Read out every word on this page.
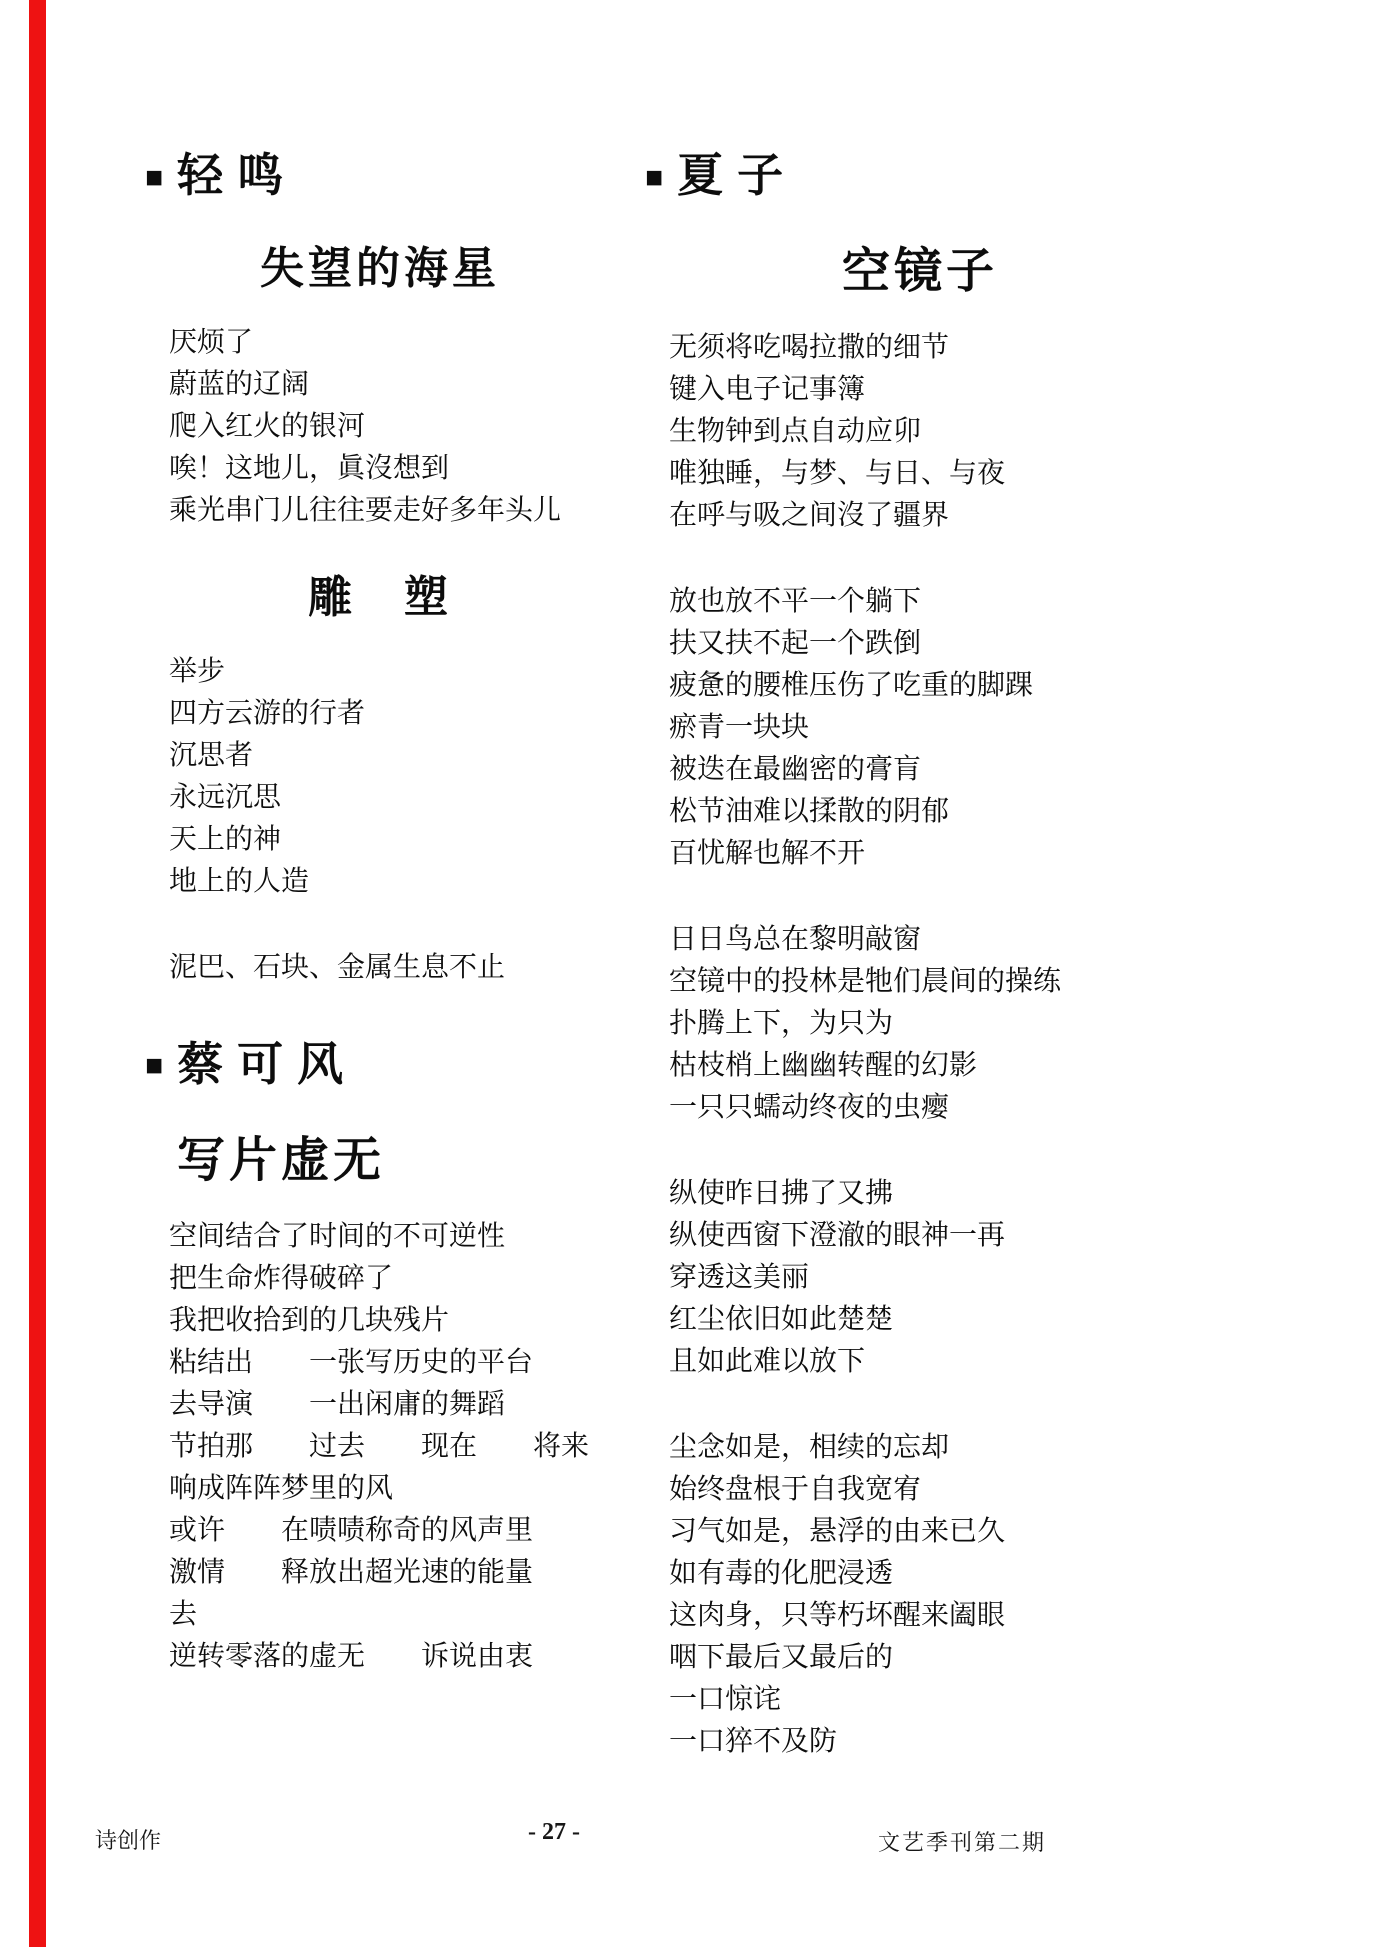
■ 轻鸣
失望的海星

厌烦了

蔚蓝的辽阔

爬入红火的银河

唉！这地儿，眞沒想到

乘光串门儿往往要走好多年头儿

雕　塑

举步

四方云游的行者

沉思者

永远沉思

天上的神

地上的人造

泥巴、石块、金属生息不止

■ 蔡可风
写片虚无

空间结合了时间的不可逆性

把生命炸得破碎了

我把收拾到的几块残片

粘结出　　一张写历史的平台

去导演　　一出闲庸的舞蹈

节拍那　　过去　　现在　　将来

响成阵阵梦里的风

或许　　在啧啧称奇的风声里

激情　　释放出超光速的能量

去

逆转零落的虚无　　诉说由衷

■ 夏子
空镜子

无须将吃喝拉撒的细节

键入电子记事簿

生物钟到点自动应卯

唯独睡，与梦、与日、与夜

在呼与吸之间沒了疆界

放也放不平一个躺下

扶又扶不起一个跌倒

疲惫的腰椎压伤了吃重的脚踝

瘀青一块块

被迭在最幽密的膏肓

松节油难以揉散的阴郁

百忧解也解不开

日日鸟总在黎明敲窗

空镜中的投林是牠们晨间的操练

扑腾上下，为只为

枯枝梢上幽幽转醒的幻影

一只只蠕动终夜的虫瘿

纵使昨日拂了又拂

纵使西窗下澄澈的眼神一再

穿透这美丽

红尘依旧如此楚楚

且如此难以放下

尘念如是，相续的忘却

始终盘根于自我宽宥

习气如是，悬浮的由来已久

如有毒的化肥浸透

这肉身，只等朽坏醒来阖眼

咽下最后又最后的

一口惊诧

一口猝不及防

诗创作	- 27 -	文艺季刊第二期
